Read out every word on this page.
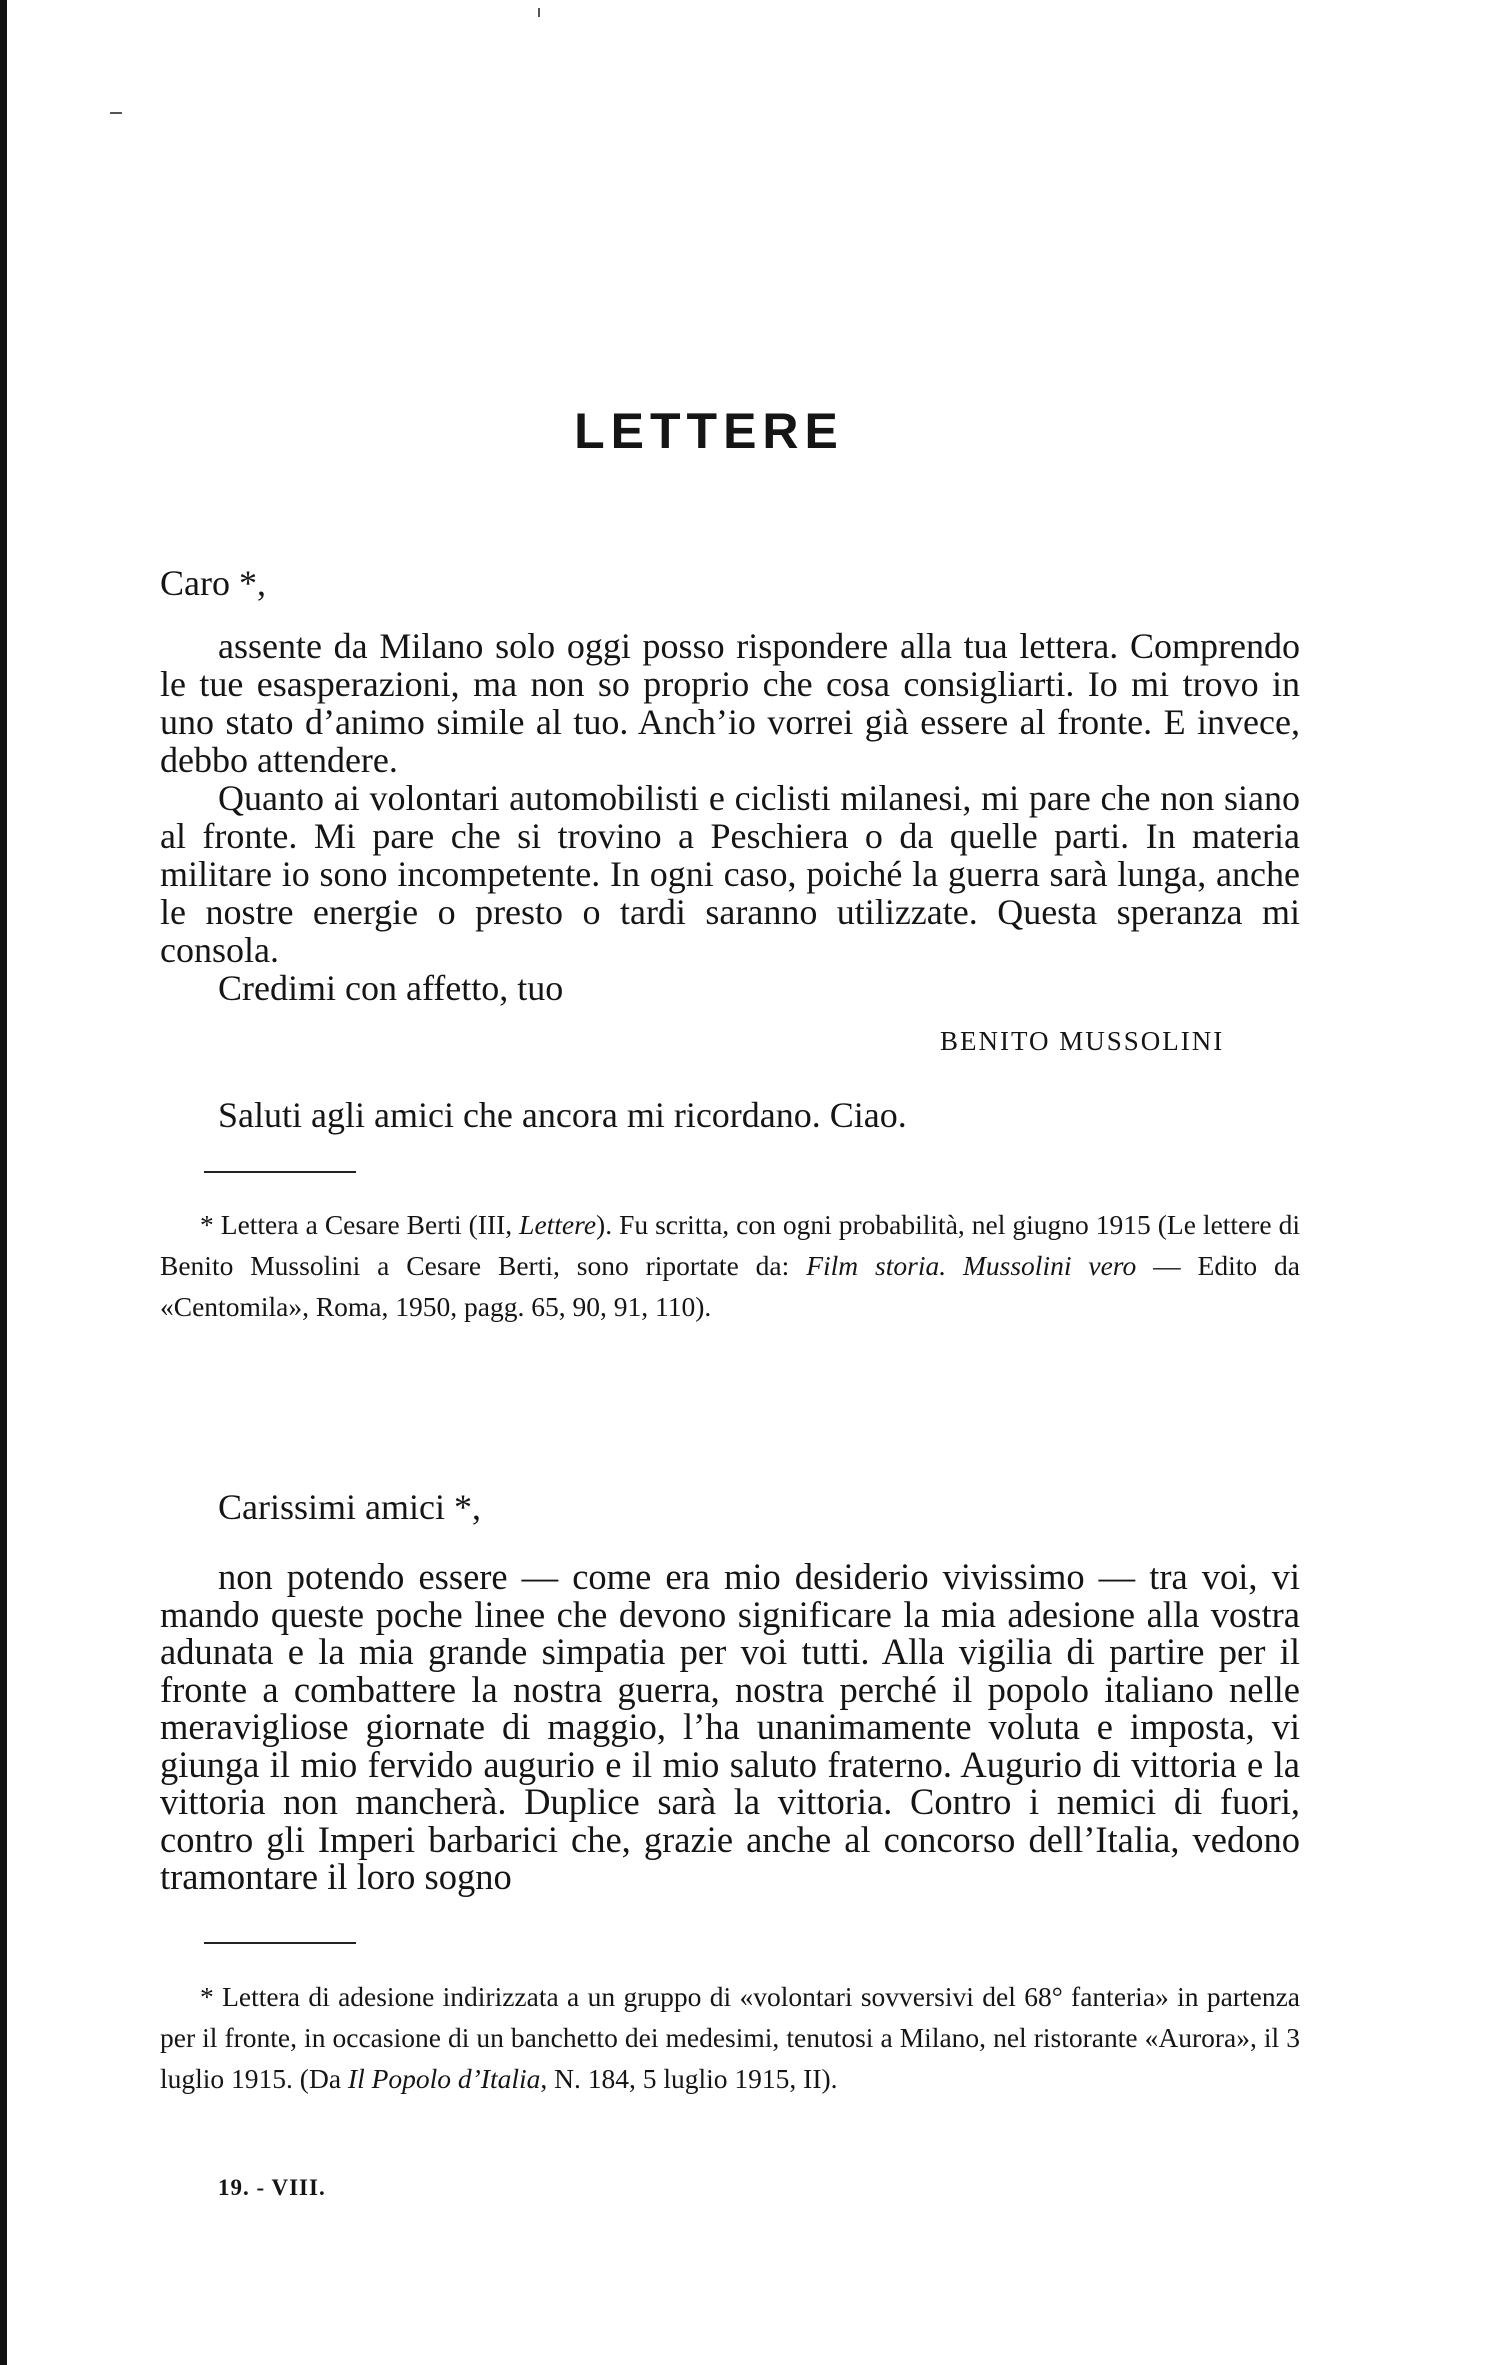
LETTERE
Caro *,
assente da Milano solo oggi posso rispondere alla tua lettera. Comprendo le tue esasperazioni, ma non so proprio che cosa consigliarti. Io mi trovo in uno stato d’animo simile al tuo. Anch’io vorrei già essere al fronte. E invece, debbo attendere.
Quanto ai volontari automobilisti e ciclisti milanesi, mi pare che non siano al fronte. Mi pare che si trovino a Peschiera o da quelle parti. In materia militare io sono incompetente. In ogni caso, poiché la guerra sarà lunga, anche le nostre energie o presto o tardi saranno utilizzate. Questa speranza mi consola.
Credimi con affetto, tuo
BENITO MUSSOLINI
Saluti agli amici che ancora mi ricordano. Ciao.
* Lettera a Cesare Berti (III, Lettere). Fu scritta, con ogni probabilità, nel giugno 1915 (Le lettere di Benito Mussolini a Cesare Berti, sono riportate da: Film storia. Mussolini vero — Edito da «Centomila», Roma, 1950, pagg. 65, 90, 91, 110).
Carissimi amici *,
non potendo essere — come era mio desiderio vivissimo — tra voi, vi mando queste poche linee che devono significare la mia adesione alla vostra adunata e la mia grande simpatia per voi tutti. Alla vigilia di partire per il fronte a combattere la nostra guerra, nostra perché il popolo italiano nelle meravigliose giornate di maggio, l’ha unanimamente voluta e imposta, vi giunga il mio fervido augurio e il mio saluto fraterno. Augurio di vittoria e la vittoria non mancherà. Duplice sarà la vittoria. Contro i nemici di fuori, contro gli Imperi barbarici che, grazie anche al concorso dell’Italia, vedono tramontare il loro sogno
* Lettera di adesione indirizzata a un gruppo di «volontari sovversivi del 68° fanteria» in partenza per il fronte, in occasione di un banchetto dei medesimi, tenutosi a Milano, nel ristorante «Aurora», il 3 luglio 1915. (Da Il Popolo d’Italia, N. 184, 5 luglio 1915, II).
19. - VIII.
